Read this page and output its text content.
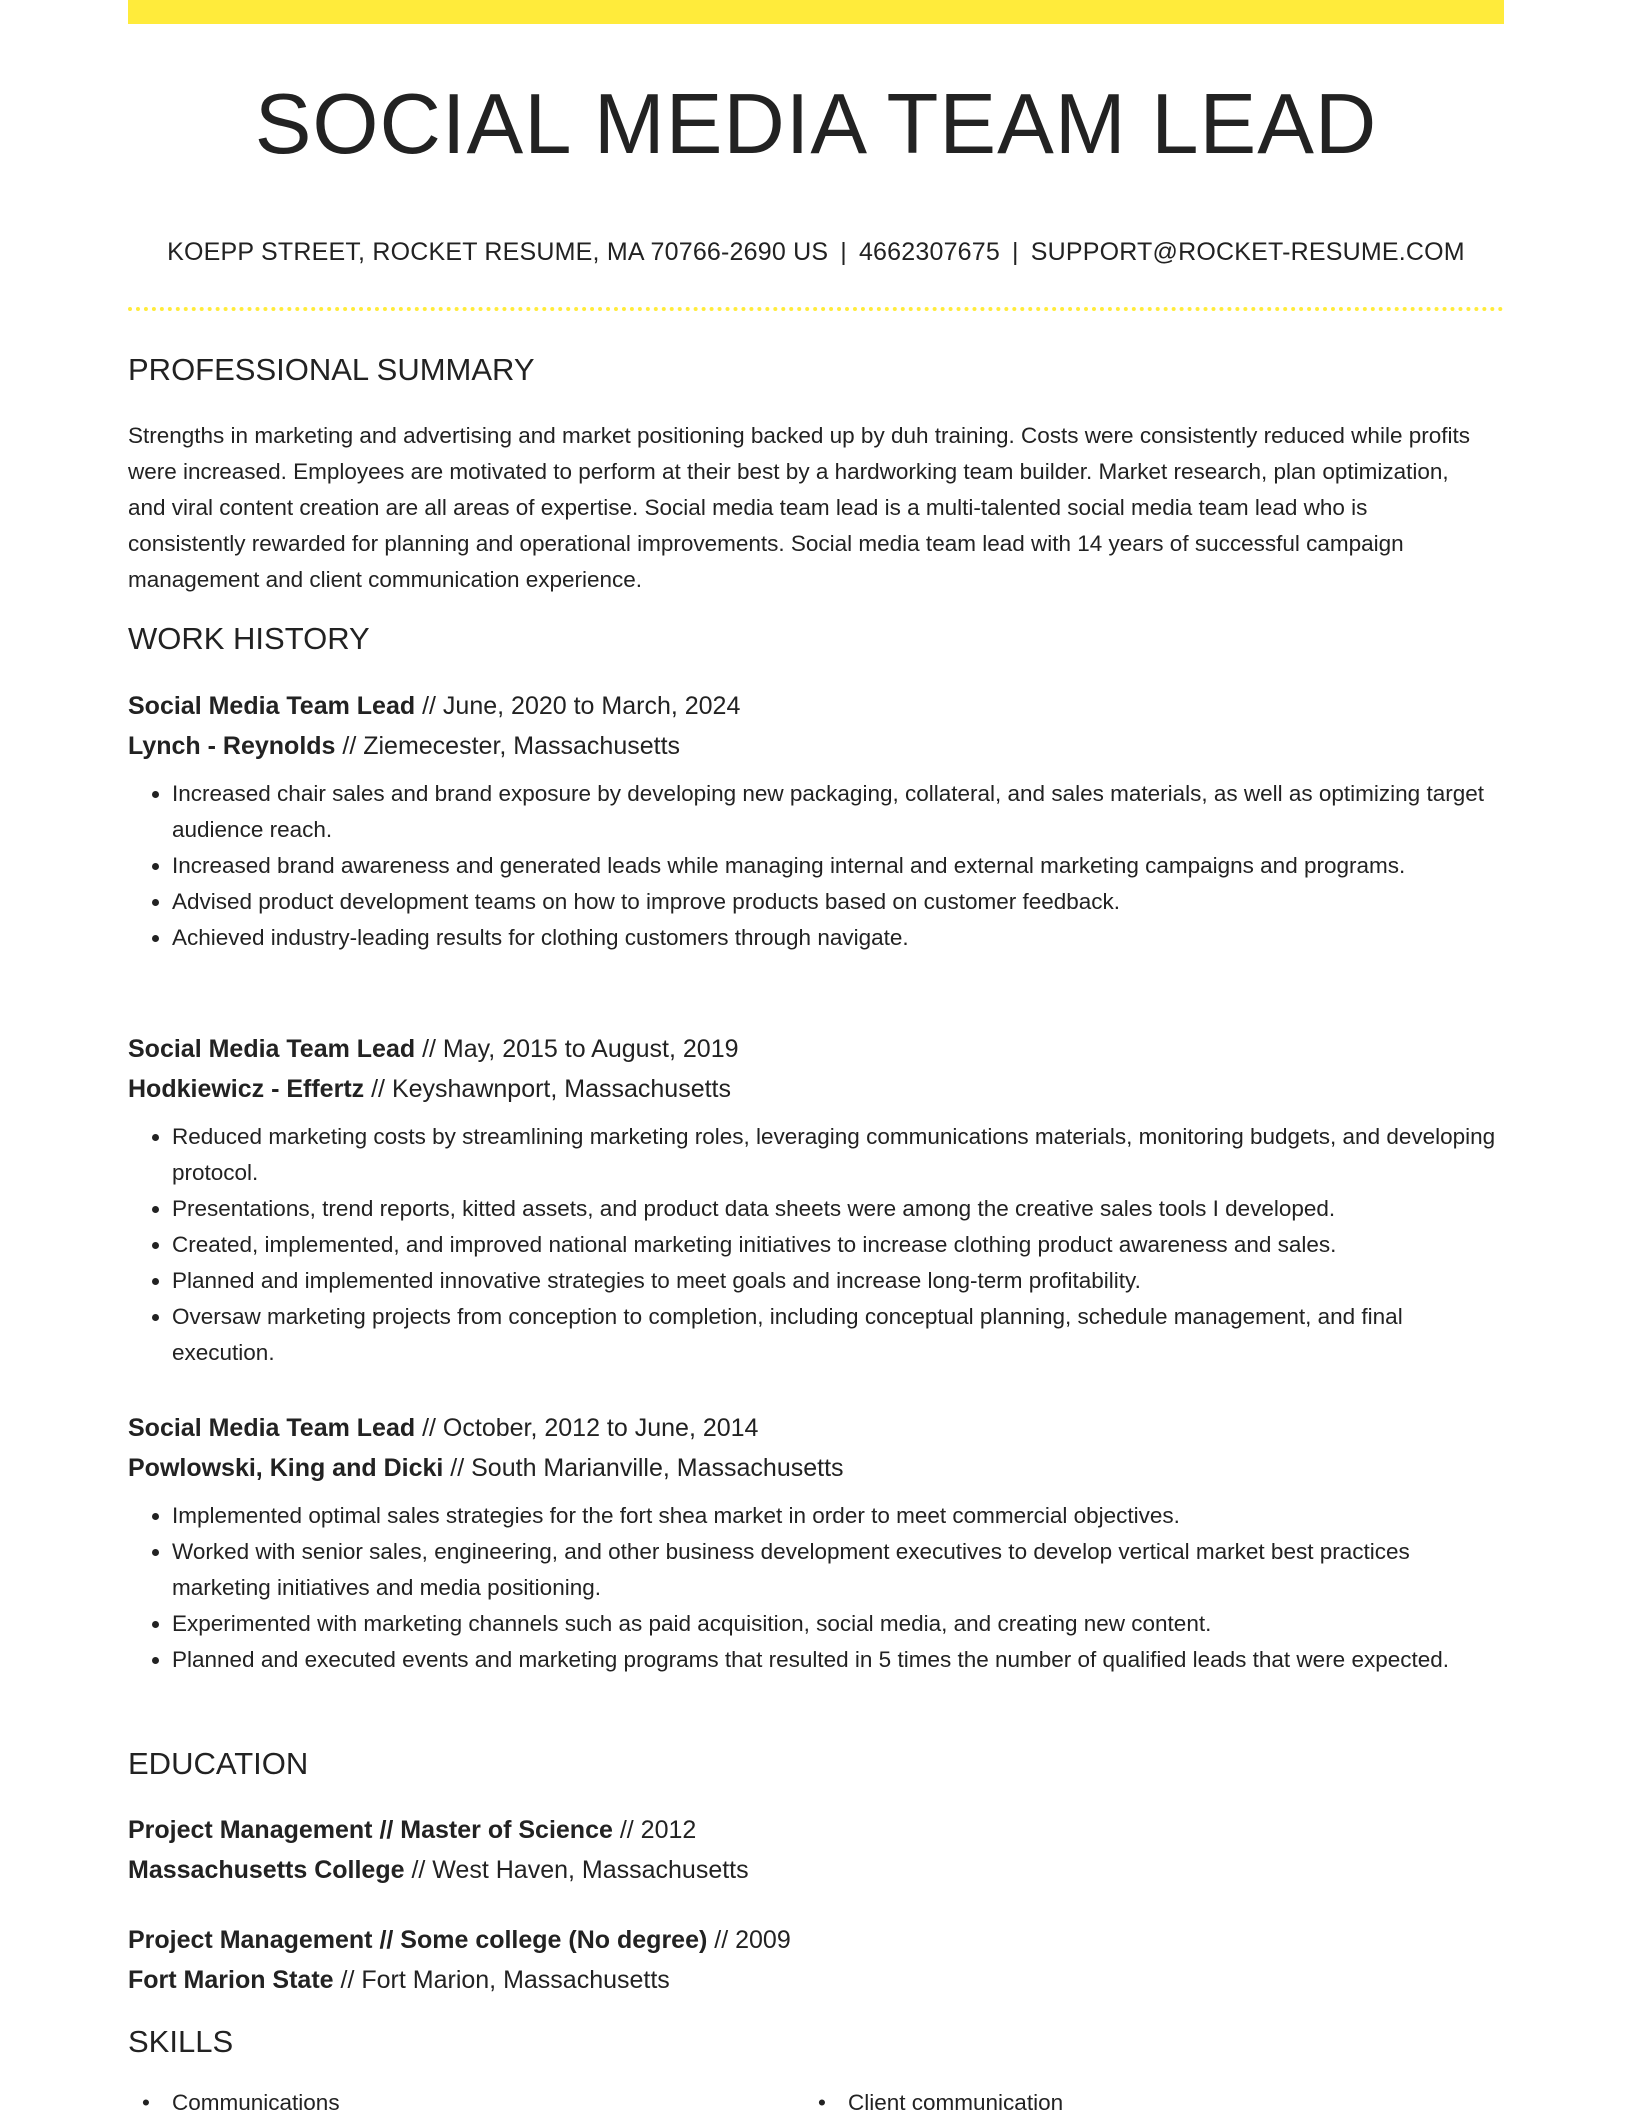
SOCIAL MEDIA TEAM LEAD
KOEPP STREET, ROCKET RESUME, MA 70766-2690 US | 4662307675 | SUPPORT@ROCKET-RESUME.COM
PROFESSIONAL SUMMARY
Strengths in marketing and advertising and market positioning backed up by duh training. Costs were consistently reduced while profits were increased. Employees are motivated to perform at their best by a hardworking team builder. Market research, plan optimization, and viral content creation are all areas of expertise. Social media team lead is a multi-talented social media team lead who is consistently rewarded for planning and operational improvements. Social media team lead with 14 years of successful campaign management and client communication experience.
WORK HISTORY
Social Media Team Lead // June, 2020 to March, 2024
Lynch - Reynolds // Ziemecester, Massachusetts
• Increased chair sales and brand exposure by developing new packaging, collateral, and sales materials, as well as optimizing target audience reach.
• Increased brand awareness and generated leads while managing internal and external marketing campaigns and programs.
• Advised product development teams on how to improve products based on customer feedback.
• Achieved industry-leading results for clothing customers through navigate.
Social Media Team Lead // May, 2015 to August, 2019
Hodkiewicz - Effertz // Keyshawnport, Massachusetts
• Reduced marketing costs by streamlining marketing roles, leveraging communications materials, monitoring budgets, and developing protocol.
• Presentations, trend reports, kitted assets, and product data sheets were among the creative sales tools I developed.
• Created, implemented, and improved national marketing initiatives to increase clothing product awareness and sales.
• Planned and implemented innovative strategies to meet goals and increase long-term profitability.
• Oversaw marketing projects from conception to completion, including conceptual planning, schedule management, and final execution.
Social Media Team Lead // October, 2012 to June, 2014
Powlowski, King and Dicki // South Marianville, Massachusetts
• Implemented optimal sales strategies for the fort shea market in order to meet commercial objectives.
• Worked with senior sales, engineering, and other business development executives to develop vertical market best practices marketing initiatives and media positioning.
• Experimented with marketing channels such as paid acquisition, social media, and creating new content.
• Planned and executed events and marketing programs that resulted in 5 times the number of qualified leads that were expected.
EDUCATION
Project Management // Master of Science // 2012
Massachusetts College // West Haven, Massachusetts
Project Management // Some college (No degree) // 2009
Fort Marion State // Fort Marion, Massachusetts
SKILLS
• Communications
•	Client communication
